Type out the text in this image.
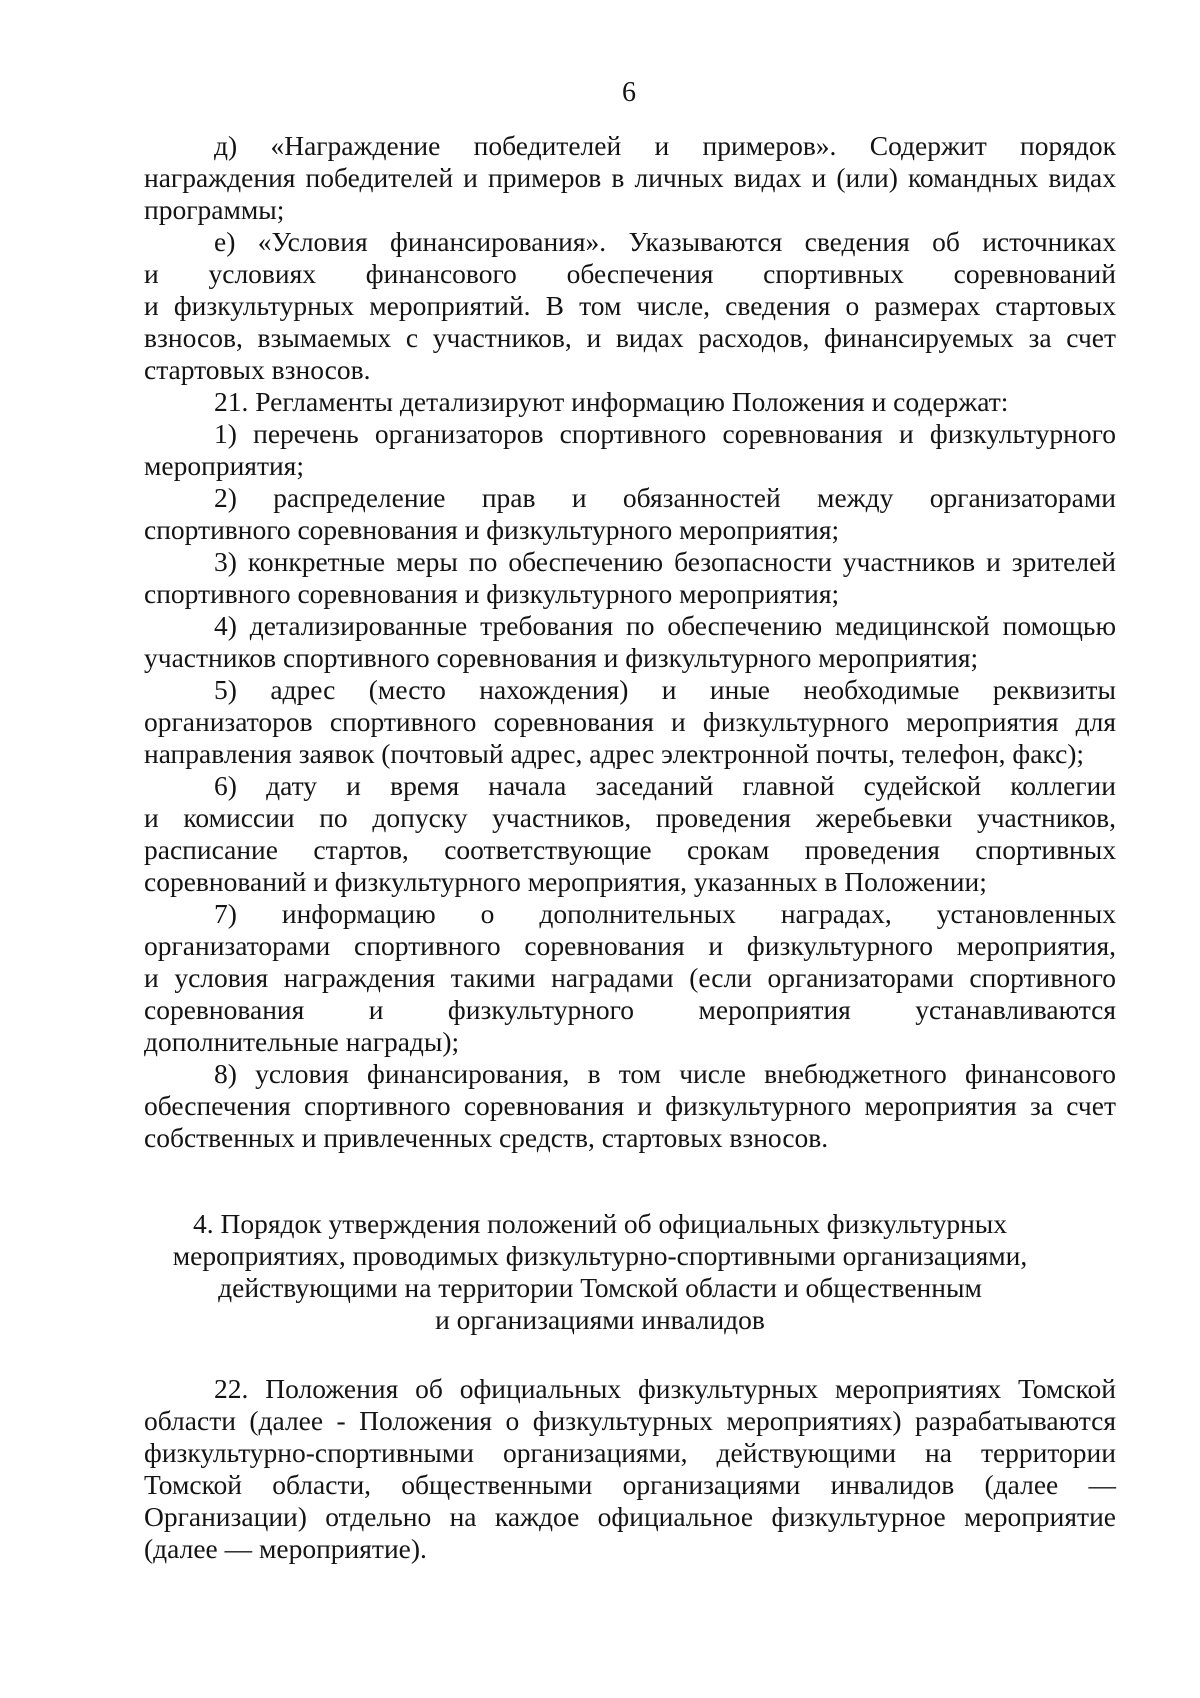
6
д) «Награждение победителей и примеров». Содержит порядок
награждения победителей и примеров в личных видах и (или) командных видах
программы;
е) «Условия финансирования». Указываются сведения об источниках
и условиях финансового обеспечения спортивных соревнований
и физкультурных мероприятий. В том числе, сведения о размерах стартовых
взносов, взымаемых с участников, и видах расходов, финансируемых за счет
стартовых взносов.
21. Регламенты детализируют информацию Положения и содержат:
1) перечень организаторов спортивного соревнования и физкультурного
мероприятия;
2) распределение прав и обязанностей между организаторами
спортивного соревнования и физкультурного мероприятия;
3) конкретные меры по обеспечению безопасности участников и зрителей
спортивного соревнования и физкультурного мероприятия;
4) детализированные требования по обеспечению медицинской помощью
участников спортивного соревнования и физкультурного мероприятия;
5) адрес (место нахождения) и иные необходимые реквизиты
организаторов спортивного соревнования и физкультурного мероприятия для
направления заявок (почтовый адрес, адрес электронной почты, телефон, факс);
6) дату и время начала заседаний главной судейской коллегии
и комиссии по допуску участников, проведения жеребьевки участников,
расписание стартов, соответствующие срокам проведения спортивных
соревнований и физкультурного мероприятия, указанных в Положении;
7) информацию о дополнительных наградах, установленных
организаторами спортивного соревнования и физкультурного мероприятия,
и условия награждения такими наградами (если организаторами спортивного
соревнования и физкультурного мероприятия устанавливаются
дополнительные награды);
8) условия финансирования, в том числе внебюджетного финансового
обеспечения спортивного соревнования и физкультурного мероприятия за счет
собственных и привлеченных средств, стартовых взносов.
4. Порядок утверждения положений об официальных физкультурных
мероприятиях, проводимых физкультурно-спортивными организациями,
действующими на территории Томской области и общественным
и организациями инвалидов
22. Положения об официальных физкультурных мероприятиях Томской
области (далее - Положения о физкультурных мероприятиях) разрабатываются
физкультурно-спортивными организациями, действующими на территории
Томской области, общественными организациями инвалидов (далее —
Организации) отдельно на каждое официальное физкультурное мероприятие
(далее — мероприятие).
